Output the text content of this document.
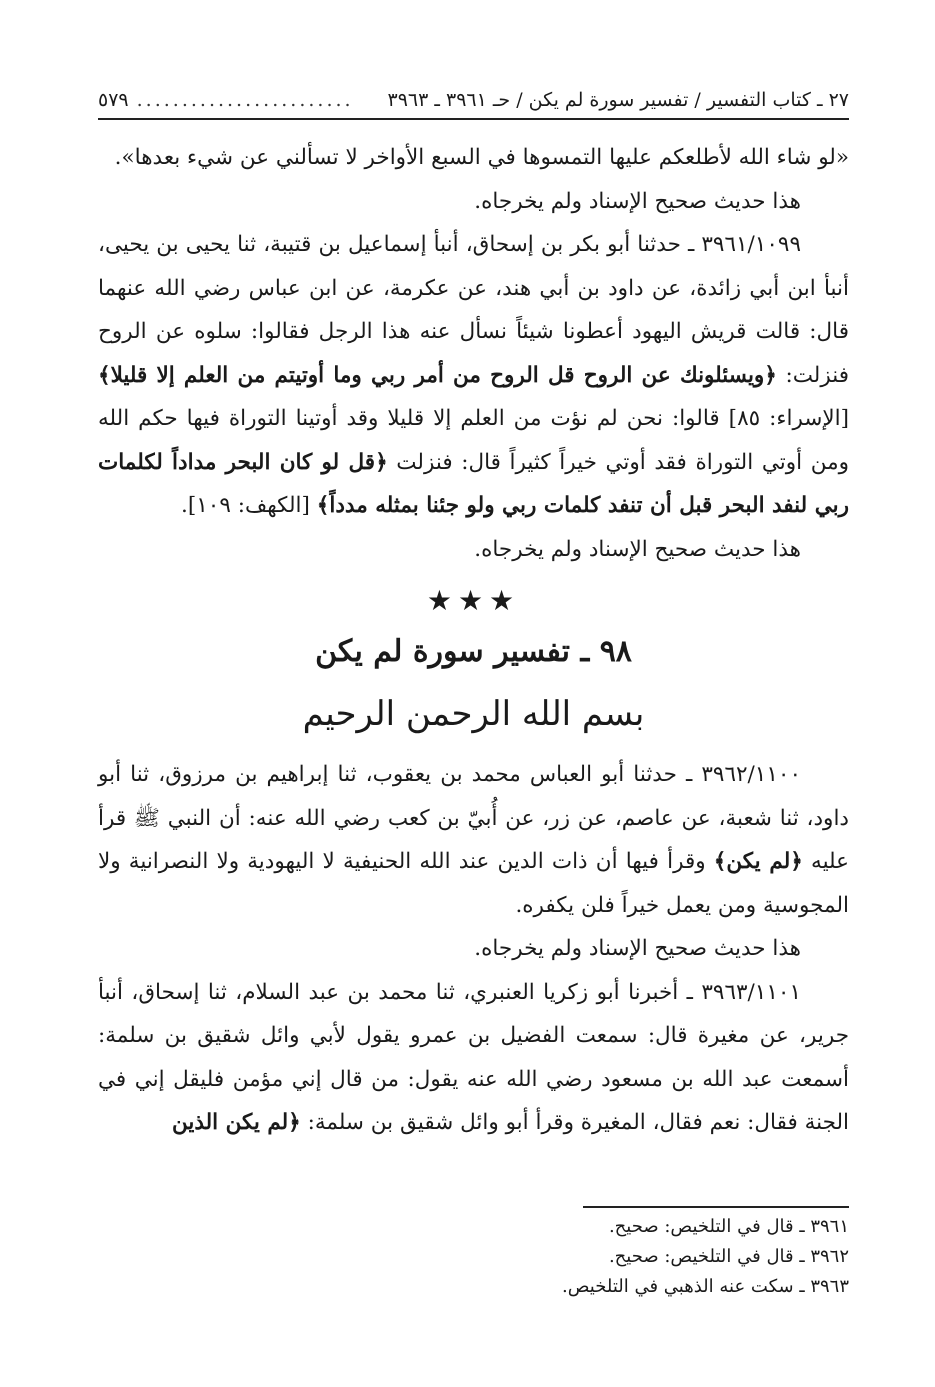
٢٧ ـ كتاب التفسير / تفسير سورة لم يكن / حـ ٣٩٦١ ـ ٣٩٦٣
........................
٥٧٩

«لو شاء الله لأطلعكم عليها التمسوها في السبع الأواخر لا تسألني عن شيء بعدها».

هذا حديث صحيح الإسناد ولم يخرجاه.

٣٩٦١/١٠٩٩ ـ حدثنا أبو بكر بن إسحاق، أنبأ إسماعيل بن قتيبة، ثنا يحيى بن يحيى، أنبأ ابن أبي زائدة، عن داود بن أبي هند، عن عكرمة، عن ابن عباس رضي الله عنهما قال: قالت قريش اليهود أعطونا شيئاً نسأل عنه هذا الرجل فقالوا: سلوه عن الروح فنزلت: ﴿ويسئلونك عن الروح قل الروح من أمر ربي وما أوتيتم من العلم إلا قليلا﴾ [الإسراء: ٨٥] قالوا: نحن لم نؤت من العلم إلا قليلا وقد أوتينا التوراة فيها حكم الله ومن أوتي التوراة فقد أوتي خيراً كثيراً قال: فنزلت ﴿قل لو كان البحر مداداً لكلمات ربي لنفد البحر قبل أن تنفد كلمات ربي ولو جئنا بمثله مدداً﴾ [الكهف: ١٠٩].

هذا حديث صحيح الإسناد ولم يخرجاه.

★★★
٩٨ ـ تفسير سورة لم يكن
بسم الله الرحمن الرحيم

٣٩٦٢/١١٠٠ ـ حدثنا أبو العباس محمد بن يعقوب، ثنا إبراهيم بن مرزوق، ثنا أبو داود، ثنا شعبة، عن عاصم، عن زر، عن أُبيّ بن كعب رضي الله عنه: أن النبي ﷺ قرأ عليه ﴿لم يكن﴾ وقرأ فيها أن ذات الدين عند الله الحنيفية لا اليهودية ولا النصرانية ولا المجوسية ومن يعمل خيراً فلن يكفره.

هذا حديث صحيح الإسناد ولم يخرجاه.

٣٩٦٣/١١٠١ ـ أخبرنا أبو زكريا العنبري، ثنا محمد بن عبد السلام، ثنا إسحاق، أنبأ جرير، عن مغيرة قال: سمعت الفضيل بن عمرو يقول لأبي وائل شقيق بن سلمة: أسمعت عبد الله بن مسعود رضي الله عنه يقول: من قال إني مؤمن فليقل إني في الجنة فقال: نعم فقال، المغيرة وقرأ أبو وائل شقيق بن سلمة: ﴿لم يكن الذين

٣٩٦١ ـ قال في التلخيص: صحيح.
٣٩٦٢ ـ قال في التلخيص: صحيح.
٣٩٦٣ ـ سكت عنه الذهبي في التلخيص.
